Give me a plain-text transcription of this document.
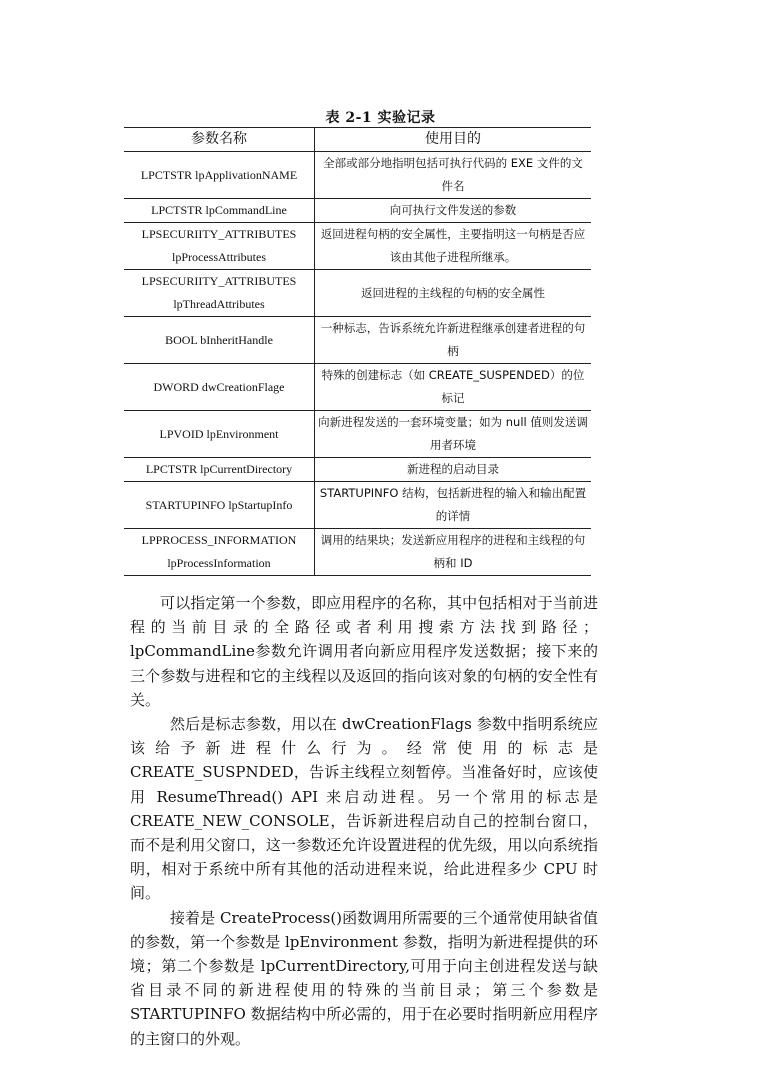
表 2-1 实验记录
参数名称	使用目的
LPCTSTR lpApplivationNAME	全部或部分地指明包括可执行代码的 EXE 文件的文件名
LPCTSTR lpCommandLine	向可执行文件发送的参数
LPSECURIITY_ATTRIBUTES lpProcessAttributes	返回进程句柄的安全属性，主要指明这一句柄是否应该由其他子进程所继承。
LPSECURIITY_ATTRIBUTES lpThreadAttributes	返回进程的主线程的句柄的安全属性
BOOL bInheritHandle	一种标志，告诉系统允许新进程继承创建者进程的句柄
DWORD dwCreationFlage	特殊的创建标志（如 CREATE_SUSPENDED）的位标记
LPVOID lpEnvironment	向新进程发送的一套环境变量；如为 null 值则发送调用者环境
LPCTSTR lpCurrentDirectory	新进程的启动目录
STARTUPINFO lpStartupInfo	STARTUPINFO 结构，包括新进程的输入和输出配置的详情
LPPROCESS_INFORMATION lpProcessInformation	调用的结果块；发送新应用程序的进程和主线程的句柄和 ID

可以指定第一个参数，即应用程序的名称，其中包括相对于当前进程的当前目录的全路径或者利用搜索方法找到路径；lpCommandLine参数允许调用者向新应用程序发送数据；接下来的三个参数与进程和它的主线程以及返回的指向该对象的句柄的安全性有关。

然后是标志参数，用以在 dwCreationFlags 参数中指明系统应该给予新进程什么行为。经常使用的标志是 CREATE_SUSPNDED，告诉主线程立刻暂停。当准备好时，应该使用 ResumeThread() API 来启动进程。另一个常用的标志是 CREATE_NEW_CONSOLE，告诉新进程启动自己的控制台窗口，而不是利用父窗口，这一参数还允许设置进程的优先级，用以向系统指明，相对于系统中所有其他的活动进程来说，给此进程多少 CPU 时间。

接着是 CreateProcess()函数调用所需要的三个通常使用缺省值的参数，第一个参数是 lpEnvironment 参数，指明为新进程提供的环境；第二个参数是 lpCurrentDirectory,可用于向主创进程发送与缺省目录不同的新进程使用的特殊的当前目录；第三个参数是 STARTUPINFO 数据结构中所必需的，用于在必要时指明新应用程序的主窗口的外观。
